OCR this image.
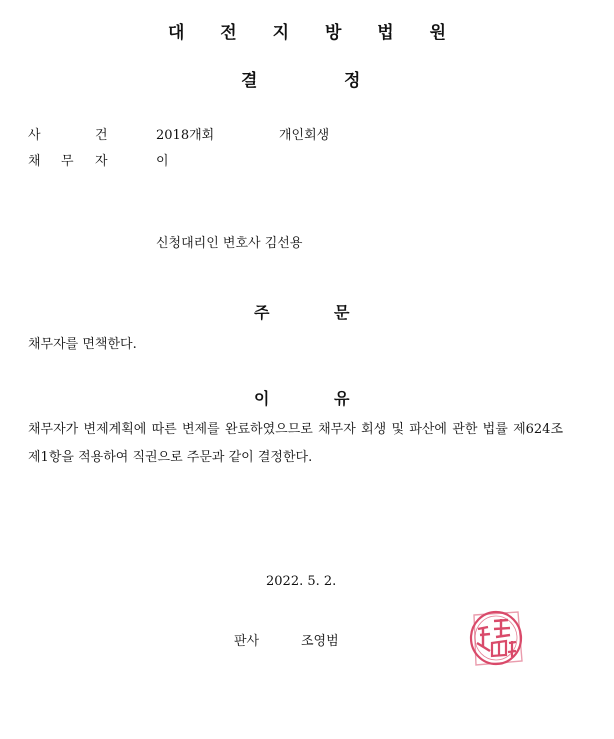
대 전 지 방 법 원
결	정
사	건	2018개회	개인회생
채 무 자	이
신청대리인 변호사 김선용
주	문
채무자를 면책한다.
이	유
채무자가 변제계획에 따른 변제를 완료하였으므로 채무자 회생 및 파산에 관한 법률 제624조 제1항을 적용하여 직권으로 주문과 같이 결정한다.
2022. 5. 2.
판사	조영범
